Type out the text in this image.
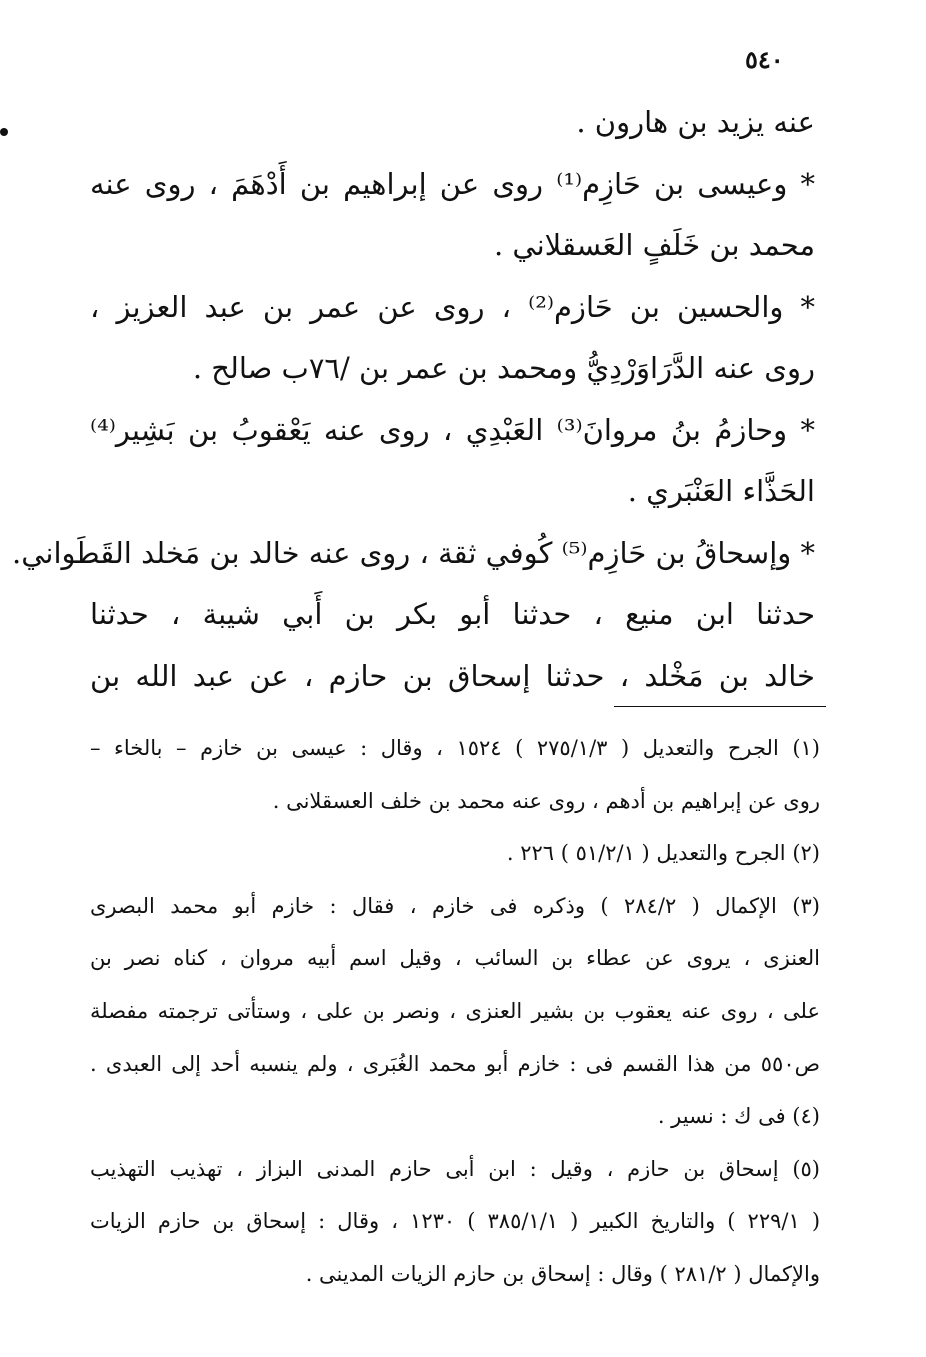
٥٤٠
عنه يزيد بن هارون .
* وعيسى بن حَازِم⁽¹⁾ روى عن إبراهيم بن أَدْهَمَ ، روى عنه
محمد بن خَلَفٍ العَسقلاني .
* والحسين بن حَازم⁽²⁾ ، روى عن عمر بن عبد العزيز ،
روى عنه الدَّرَاوَرْدِيُّ ومحمد بن عمر بن /٧٦ب صالح .
* وحازمُ بنُ مروانَ⁽³⁾ العَبْدِي ، روى عنه يَعْقوبُ بن بَشِير⁽⁴⁾
الحَذَّاء العَنْبَري .
* وإسحاقُ بن حَازِم⁽⁵⁾ كُوفي ثقة ، روى عنه خالد بن مَخلد القَطَواني.
حدثنا ابن منيع ، حدثنا أبو بكر بن أَبي شيبة ، حدثنا
خالد بن مَخْلد ، حدثنا إسحاق بن حازم ، عن عبد الله بن
(١) الجرح والتعديل ( ٢٧٥/١/٣ ) ١٥٢٤ ، وقال : عيسى بن خازم – بالخاء –
روى عن إبراهيم بن أدهم ، روى عنه محمد بن خلف العسقلانى .
(٢) الجرح والتعديل ( ٥١/٢/١ ) ٢٢٦ .
(٣) الإكمال ( ٢٨٤/٢ ) وذكره فى خازم ، فقال : خازم أبو محمد البصرى
العنزى ، يروى عن عطاء بن السائب ، وقيل اسم أبيه مروان ، كناه نصر بن
على ، روى عنه يعقوب بن بشير العنزى ، ونصر بن على ، وستأتى ترجمته مفصلة
ص٥٥٠ من هذا القسم فى : خازم أبو محمد الغُبَرى ، ولم ينسبه أحد إلى العبدى .
(٤) فى ك : نسير .
(٥) إسحاق بن حازم ، وقيل : ابن أبى حازم المدنى البزاز ، تهذيب التهذيب
( ٢٢٩/١ ) والتاريخ الكبير ( ٣٨٥/١/١ ) ١٢٣٠ ، وقال : إسحاق بن حازم الزيات
والإكمال ( ٢٨١/٢ ) وقال : إسحاق بن حازم الزيات المدينى .
